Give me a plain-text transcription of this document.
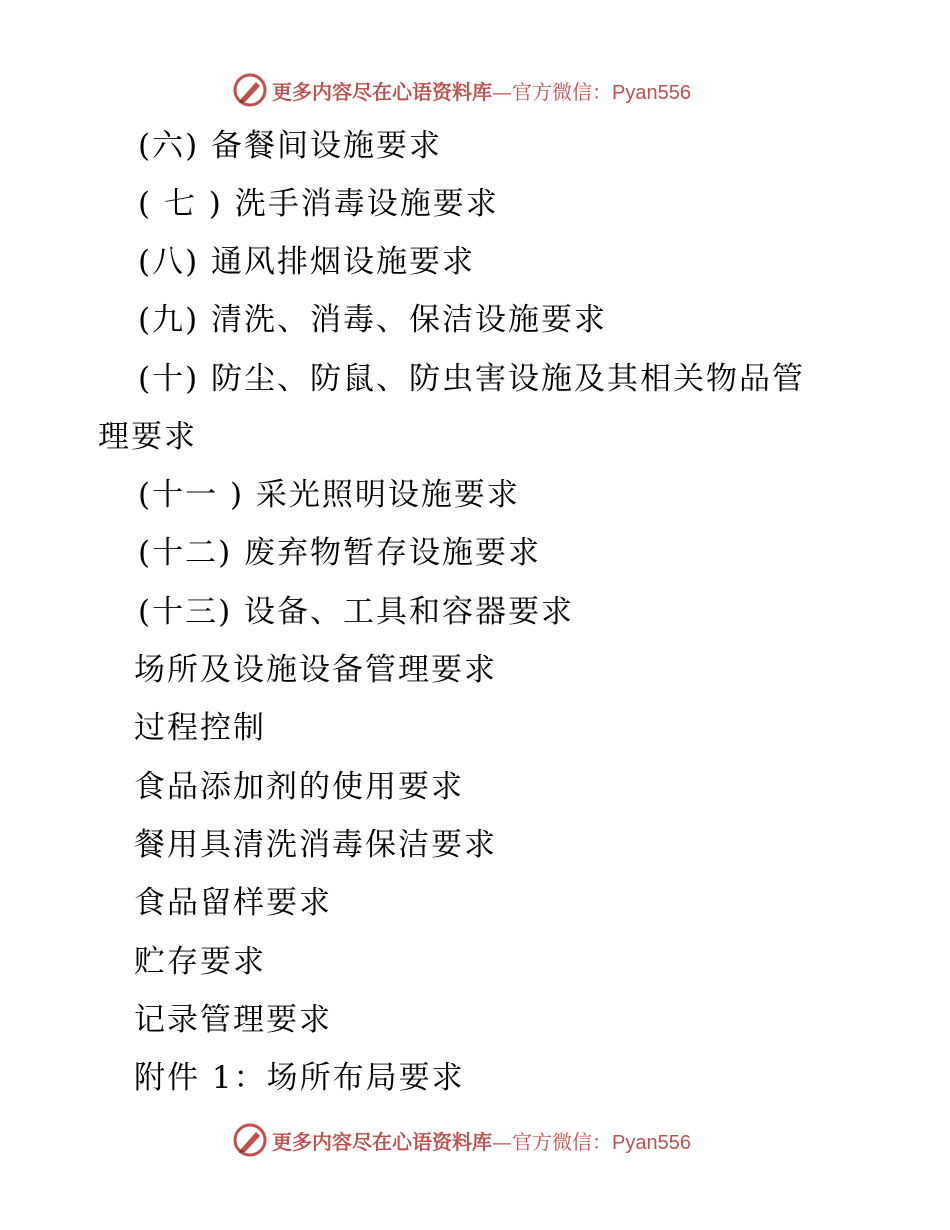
更多内容尽在心语资料库—官方微信：Pyan556
(六) 备餐间设施要求
( 七 ) 洗手消毒设施要求
(八) 通风排烟设施要求
(九) 清洗、消毒、保洁设施要求
(十) 防尘、防鼠、防虫害设施及其相关物品管
理要求
(十一 ) 采光照明设施要求
(十二) 废弃物暂存设施要求
(十三) 设备、工具和容器要求
场所及设施设备管理要求
过程控制
食品添加剂的使用要求
餐用具清洗消毒保洁要求
食品留样要求
贮存要求
记录管理要求
附件 1：场所布局要求
更多内容尽在心语资料库—官方微信：Pyan556
